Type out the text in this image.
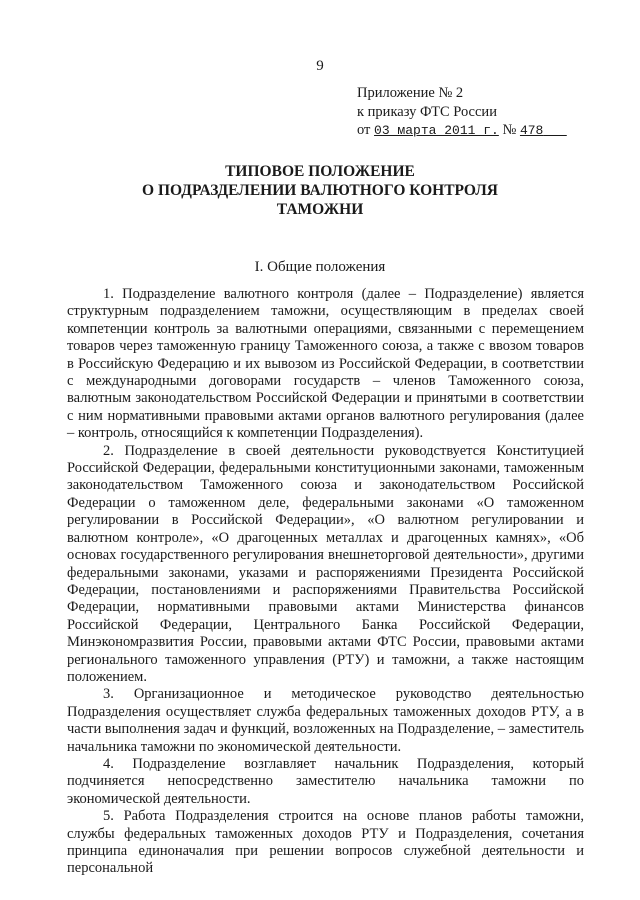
9
Приложение № 2
к приказу ФТС России
от 03 марта 2011 г. № 478
ТИПОВОЕ ПОЛОЖЕНИЕ
О ПОДРАЗДЕЛЕНИИ ВАЛЮТНОГО КОНТРОЛЯ
ТАМОЖНИ
I. Общие положения

1. Подразделение валютного контроля (далее – Подразделение) является структурным подразделением таможни, осуществляющим в пределах своей компетенции контроль за валютными операциями, связанными с перемещением товаров через таможенную границу Таможенного союза, а также с ввозом товаров в Российскую Федерацию и их вывозом из Российской Федерации, в соответствии с международными договорами государств – членов Таможенного союза, валютным законодательством Российской Федерации и принятыми в соответствии с ним нормативными правовыми актами органов валютного регулирования (далее – контроль, относящийся к компетенции Подразделения).

2. Подразделение в своей деятельности руководствуется Конституцией Российской Федерации, федеральными конституционными законами, таможенным законодательством Таможенного союза и законодательством Российской Федерации о таможенном деле, федеральными законами «О таможенном регулировании в Российской Федерации», «О валютном регулировании и валютном контроле», «О драгоценных металлах и драгоценных камнях», «Об основах государственного регулирования внешнеторговой деятельности», другими федеральными законами, указами и распоряжениями Президента Российской Федерации, постановлениями и распоряжениями Правительства Российской Федерации, нормативными правовыми актами Министерства финансов Российской Федерации, Центрального Банка Российской Федерации, Минэкономразвития России, правовыми актами ФТС России, правовыми актами регионального таможенного управления (РТУ) и таможни, а также настоящим положением.

3. Организационное и методическое руководство деятельностью Подразделения осуществляет служба федеральных таможенных доходов РТУ, а в части выполнения задач и функций, возложенных на Подразделение, – заместитель начальника таможни по экономической деятельности.

4. Подразделение возглавляет начальник Подразделения, который подчиняется непосредственно заместителю начальника таможни по экономической деятельности.

5. Работа Подразделения строится на основе планов работы таможни, службы федеральных таможенных доходов РТУ и Подразделения, сочетания принципа единоначалия при решении вопросов служебной деятельности и персональной
